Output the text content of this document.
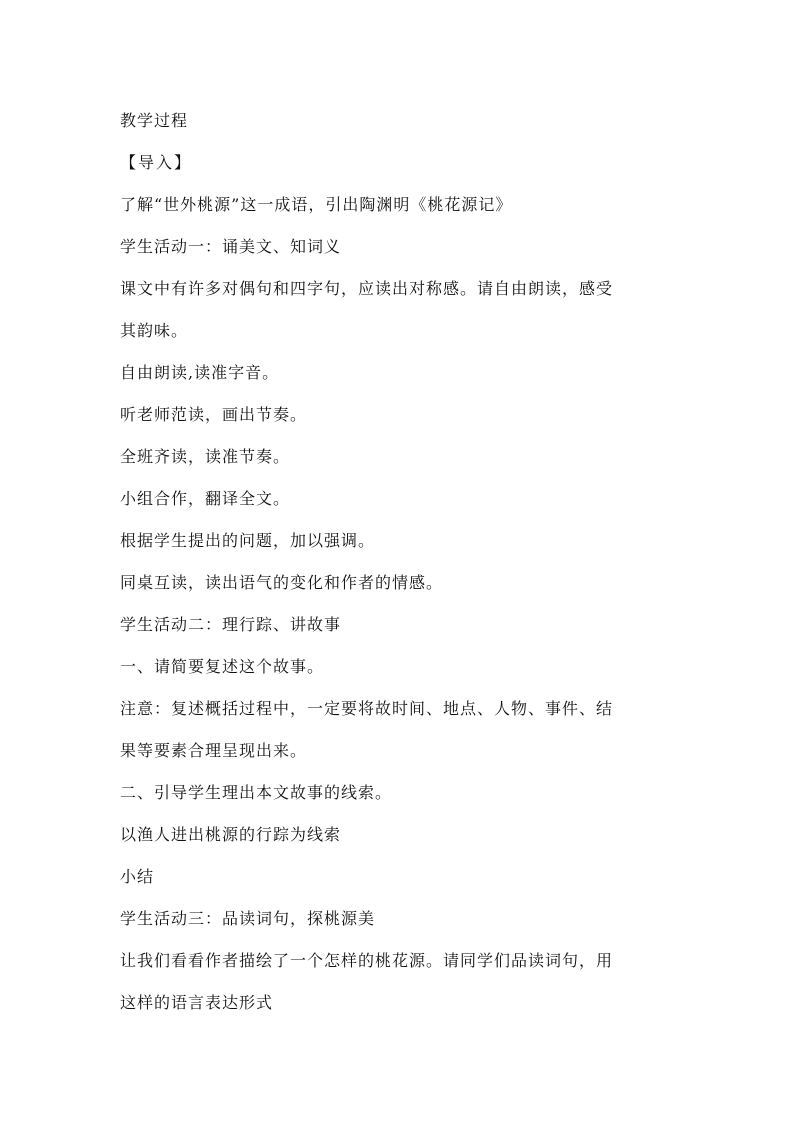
教学过程
【导入】
了解“世外桃源”这一成语，引出陶渊明《桃花源记》
学生活动一：诵美文、知词义
课文中有许多对偶句和四字句，应读出对称感。请自由朗读，感受
其韵味。
自由朗读,读准字音。
听老师范读，画出节奏。
全班齐读，读准节奏。
小组合作，翻译全文。
根据学生提出的问题，加以强调。
同桌互读，读出语气的变化和作者的情感。
学生活动二：理行踪、讲故事
一、请简要复述这个故事。
注意：复述概括过程中，一定要将故时间、地点、人物、事件、结
果等要素合理呈现出来。
二、引导学生理出本文故事的线索。
以渔人进出桃源的行踪为线索
小结
学生活动三：品读词句，探桃源美
让我们看看作者描绘了一个怎样的桃花源。请同学们品读词句，用
这样的语言表达形式
